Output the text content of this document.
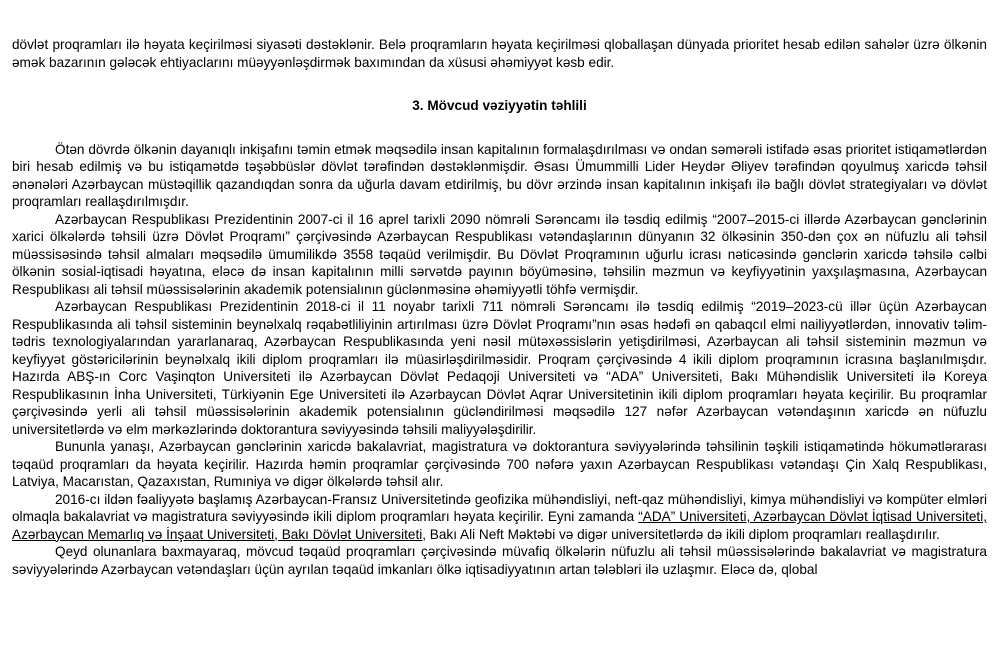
dövlət proqramları ilə həyata keçirilməsi siyasəti dəstəklənir. Belə proqramların həyata keçirilməsi qloballaşan dünyada prioritet hesab edilən sahələr üzrə ölkənin əmək bazarının gələcək ehtiyaclarını müəyyənləşdirmək baxımından da xüsusi əhəmiyyət kəsb edir.

3. Mövcud vəziyyətin təhlili

Ötən dövrdə ölkənin dayanıqlı inkişafını təmin etmək məqsədilə insan kapitalının formalaşdırılması və ondan səmərəli istifadə əsas prioritet istiqamətlərdən biri hesab edilmiş və bu istiqamətdə təşəbbüslər dövlət tərəfindən dəstəklənmişdir. Əsası Ümummilli Lider Heydər Əliyev tərəfindən qoyulmuş xaricdə təhsil ənənələri Azərbaycan müstəqillik qazandıqdan sonra da uğurla davam etdirilmiş, bu dövr ərzində insan kapitalının inkişafı ilə bağlı dövlət strategiyaları və dövlət proqramları reallaşdırılmışdır.

Azərbaycan Respublikası Prezidentinin 2007-ci il 16 aprel tarixli 2090 nömrəli Sərəncamı ilə təsdiq edilmiş “2007–2015-ci illərdə Azərbaycan gənclərinin xarici ölkələrdə təhsili üzrə Dövlət Proqramı” çərçivəsində Azərbaycan Respublikası vətəndaşlarının dünyanın 32 ölkəsinin 350-dən çox ən nüfuzlu ali təhsil müəssisəsində təhsil almaları məqsədilə ümumilikdə 3558 təqaüd verilmişdir. Bu Dövlət Proqramının uğurlu icrası nəticəsində gənclərin xaricdə təhsilə cəlbi ölkənin sosial-iqtisadi həyatına, eləcə də insan kapitalının milli sərvətdə payının böyüməsinə, təhsilin məzmun və keyfiyyətinin yaxşılaşmasına, Azərbaycan Respublikası ali təhsil müəssisələrinin akademik potensialının güclənməsinə əhəmiyyətli töhfə vermişdir.

Azərbaycan Respublikası Prezidentinin 2018-ci il 11 noyabr tarixli 711 nömrəli Sərəncamı ilə təsdiq edilmiş “2019–2023-cü illər üçün Azərbaycan Respublikasında ali təhsil sisteminin beynəlxalq rəqabətliliyinin artırılması üzrə Dövlət Proqramı”nın əsas hədəfi ən qabaqcıl elmi nailiyyətlərdən, innovativ təlim-tədris texnologiyalarından yararlanaraq, Azərbaycan Respublikasında yeni nəsil mütəxəssislərin yetişdirilməsi, Azərbaycan ali təhsil sisteminin məzmun və keyfiyyət göstəricilərinin beynəlxalq ikili diplom proqramları ilə müasirləşdirilməsidir. Proqram çərçivəsində 4 ikili diplom proqramının icrasına başlanılmışdır. Hazırda ABŞ-ın Corc Vaşinqton Universiteti ilə Azərbaycan Dövlət Pedaqoji Universiteti və “ADA” Universiteti, Bakı Mühəndislik Universiteti ilə Koreya Respublikasının İnha Universiteti, Türkiyənin Ege Universiteti ilə Azərbaycan Dövlət Aqrar Universitetinin ikili diplom proqramları həyata keçirilir. Bu proqramlar çərçivəsində yerli ali təhsil müəssisələrinin akademik potensialının gücləndirilməsi məqsədilə 127 nəfər Azərbaycan vətəndaşının xaricdə ən nüfuzlu universitetlərdə və elm mərkəzlərində doktorantura səviyyəsində təhsili maliyyələşdirilir.

Bununla yanaşı, Azərbaycan gənclərinin xaricdə bakalavriat, magistratura və doktorantura səviyyələrində təhsilinin təşkili istiqamətində hökumətlərarası təqaüd proqramları da həyata keçirilir. Hazırda həmin proqramlar çərçivəsində 700 nəfərə yaxın Azərbaycan Respublikası vətəndaşı Çin Xalq Respublikası, Latviya, Macarıstan, Qazaxıstan, Rumıniya və digər ölkələrdə təhsil alır.

2016-cı ildən fəaliyyətə başlamış Azərbaycan-Fransız Universitetində geofizika mühəndisliyi, neft-qaz mühəndisliyi, kimya mühəndisliyi və kompüter elmləri olmaqla bakalavriat və magistratura səviyyəsində ikili diplom proqramları həyata keçirilir. Eyni zamanda “ADA” Universiteti, Azərbaycan Dövlət İqtisad Universiteti, Azərbaycan Memarlıq və İnşaat Universiteti, Bakı Dövlət Universiteti, Bakı Ali Neft Məktəbi və digər universitetlərdə də ikili diplom proqramları reallaşdırılır.

Qeyd olunanlara baxmayaraq, mövcud təqaüd proqramları çərçivəsində müvafiq ölkələrin nüfuzlu ali təhsil müəssisələrində bakalavriat və magistratura səviyyələrində Azərbaycan vətəndaşları üçün ayrılan təqaüd imkanları ölkə iqtisadiyyatının artan tələbləri ilə uzlaşmır. Eləcə də, qlobal
